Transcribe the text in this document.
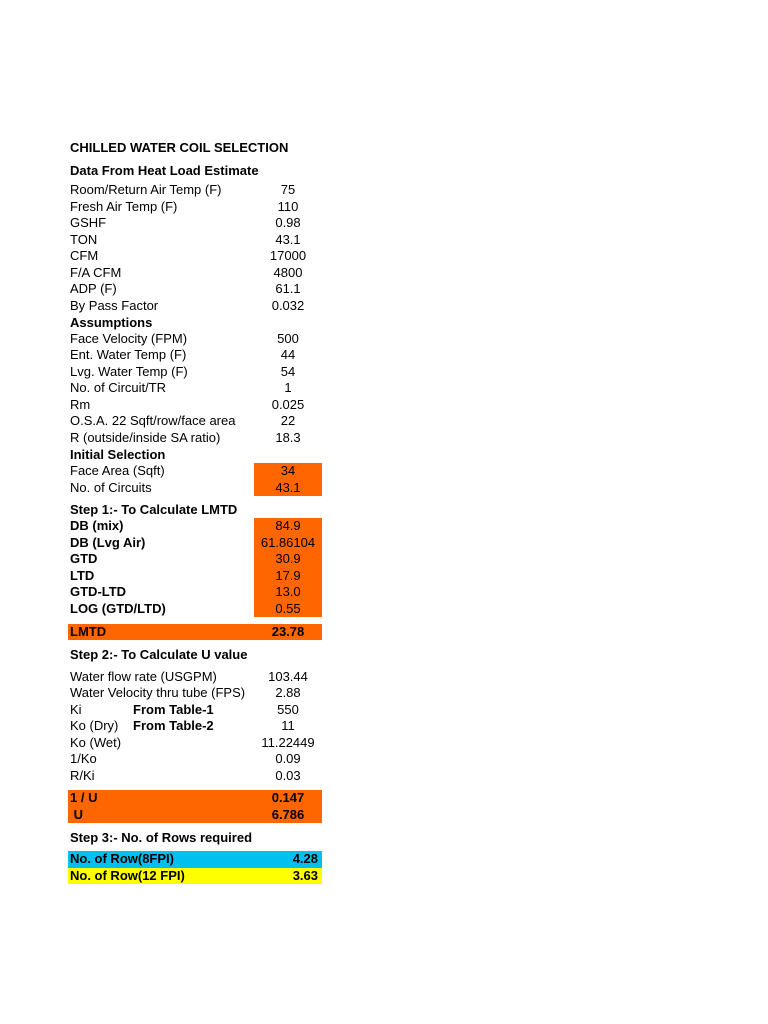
CHILLED WATER COIL SELECTION
Data From Heat Load Estimate
Room/Return Air Temp (F)	75
Fresh Air Temp (F)	110
GSHF	0.98
TON	43.1
CFM	17000
F/A CFM	4800
ADP (F)	61.1
By Pass Factor	0.032
Assumptions
Face Velocity (FPM)	500
Ent. Water Temp (F)	44
Lvg. Water Temp (F)	54
No. of Circuit/TR	1
Rm	0.025
O.S.A. 22 Sqft/row/face area	22
R (outside/inside SA ratio)	18.3
Initial Selection
Face Area (Sqft)	34
No. of Circuits	43.1
Step 1:- To Calculate LMTD
DB (mix)	84.9
DB (Lvg Air)	61.86104
GTD	30.9
LTD	17.9
GTD-LTD	13.0
LOG (GTD/LTD)	0.55
LMTD	23.78
Step 2:- To Calculate U value
Water flow rate (USGPM)	103.44
Water Velocity thru tube (FPS)	2.88
Ki	From Table-1	550
Ko (Dry) From Table-2	11
Ko (Wet)	11.22449
1/Ko	0.09
R/Ki	0.03
1 / U	0.147
U	6.786
Step 3:- No. of Rows required
No. of Row(8FPI)	4.28
No. of Row(12 FPI)	3.63
